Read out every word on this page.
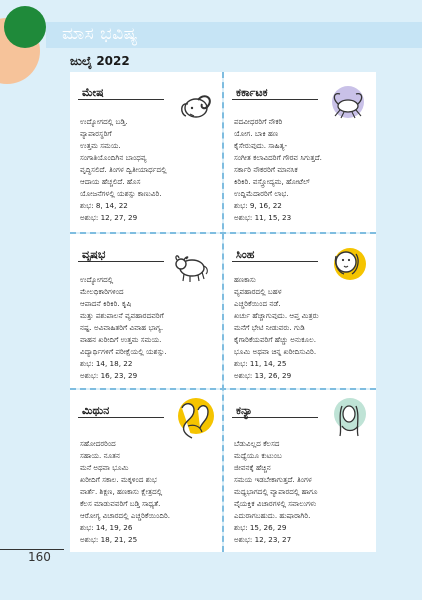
ಮಾಸ ಭವಿಷ್ಯ
ಜುಲೈ 2022
ಮೇಷ
ಉದ್ಯೋಗದಲ್ಲಿ ಬಡ್ತಿ.
ವ್ಯಾಪಾರಸ್ಥರಿಗೆ
ಉತ್ತಮ ಸಮಯ.
ಸಂಗಾತಿಯೊಂದಿಗಿನ ಬಾಂಧವ್ಯ
ವೃದ್ಧಿಸಲಿದೆ. ತಿಂಗಳ ದ್ವಿತೀಯಾರ್ಧದಲ್ಲಿ
ಆದಾಯ ಹೆಚ್ಚಲಿದೆ. ಹೊಸ
ಯೋಜನೆಗಳಲ್ಲಿ ಯಶಸ್ಸು ಕಾಣುವಿರಿ.
ಶುಭ: 8, 14, 22
ಅಶುಭ: 12, 27, 29
ಕರ್ಕಾಟಕ
ಪದವೀಧರರಿಗೆ ನೌಕರಿ
ಯೋಗ. ಬಾಕಿ ಹಣ
ಕೈಸೇರುವುದು. ಸಾಹಿತ್ಯ-
ಸಂಗೀತ ಕಲಾವಿದರಿಗೆ ಗೌರವ ಸಿಗುತ್ತದೆ.
ಸರ್ಕಾರಿ ನೌಕರರಿಗೆ ಮಾನಸಿಕ
ಕಿರಿಕಿರಿ. ವಸ್ತ್ರೋದ್ಯಮ, ಹೋಟೆಲ್
ಉದ್ದಿಮೆದಾರರಿಗೆ ಲಾಭ.
ಶುಭ: 9, 16, 22
ಅಶುಭ: 11, 15, 23
ವೃಷಭ
ಉದ್ಯೋಗದಲ್ಲಿ
ಮೇಲಧಿಕಾರಿಗಳಿಂದ
ಆಪಾದನೆ ಕಿರಿಕಿರಿ. ಕೃಷಿ
ಮತ್ತು ಪಶುಪಾಲನೆ ವ್ಯವಹಾರದವರಿಗೆ
ನಷ್ಟ. ಅವಿವಾಹಿತರಿಗೆ ವಿವಾಹ ಭಾಗ್ಯ.
ವಾಹನ ಖರೀದಿಗೆ ಉತ್ತಮ ಸಮಯ.
ವಿದ್ಯಾರ್ಥಿಗಳಿಗೆ ಪರೀಕ್ಷೆಯಲ್ಲಿ ಯಶಸ್ಸು.
ಶುಭ: 14, 18, 22
ಅಶುಭ: 16, 23, 29
ಸಿಂಹ
ಹಣಕಾಸು
ವ್ಯವಹಾರದಲ್ಲಿ ಬಹಳ
ಎಚ್ಚರಿಕೆಯಿಂದ ನಡೆ.
ಖರ್ಚು ಹೆಚ್ಚಾಗುವುದು. ಆಪ್ತ ಮಿತ್ರರು
ಮನೆಗೆ ಭೇಟಿ ನೀಡುವರು. ಗುಡಿ
ಕೈಗಾರಿಕೆಯವರಿಗೆ ಹೆಚ್ಚು ಅನುಕೂಲ.
ಭೂಮಿ ಅಥವಾ ಚಿನ್ನ ಖರೀದಿಸುವಿರಿ.
ಶುಭ: 11, 14, 25
ಅಶುಭ: 13, 26, 29
ಮಿಥುನ
ಸಹೋದರರಿಂದ
ಸಹಾಯ. ನೂತನ
ಮನೆ ಅಥವಾ ಭೂಮಿ
ಖರೀದಿಗೆ ಸಕಾಲ. ಮಕ್ಕಳಿಂದ ಶುಭ
ವಾರ್ತೆ. ಶಿಕ್ಷಣ, ಹಣಕಾಸು ಕ್ಷೇತ್ರದಲ್ಲಿ
ಕೆಲಸ ಮಾಡುವವರಿಗೆ ಬಡ್ತಿ ಸಾಧ್ಯತೆ.
ಆರೋಗ್ಯ ವಿಚಾರದಲ್ಲಿ ಎಚ್ಚರಿಕೆಯಿಂದಿರಿ.
ಶುಭ: 14, 19, 26
ಅಶುಭ: 18, 21, 25
ಕನ್ಯಾ
ಬೆಡುವಿಲ್ಲದ ಕೆಲಸದ
ಮಧ್ಯೆಯೂ ಕುಟುಂಬ
ಜೀವನಕ್ಕೆ ಹೆಚ್ಚಿನ
ಸಮಯ ಇಡಬೇಕಾಗುತ್ತದೆ. ತಿಂಗಳ
ಮಧ್ಯಭಾಗದಲ್ಲಿ ವ್ಯಾಪಾರದಲ್ಲಿ ಹಾಗೂ
ವೈಯಕ್ತಿಕ ವಿಚಾರಗಳಲ್ಲಿ ಸವಾಲುಗಳು
ಎದುರಾಗಬಹುದು. ಹುಷಾರಾಗಿರಿ.
ಶುಭ: 15, 26, 29
ಅಶುಭ: 12, 23, 27
160
